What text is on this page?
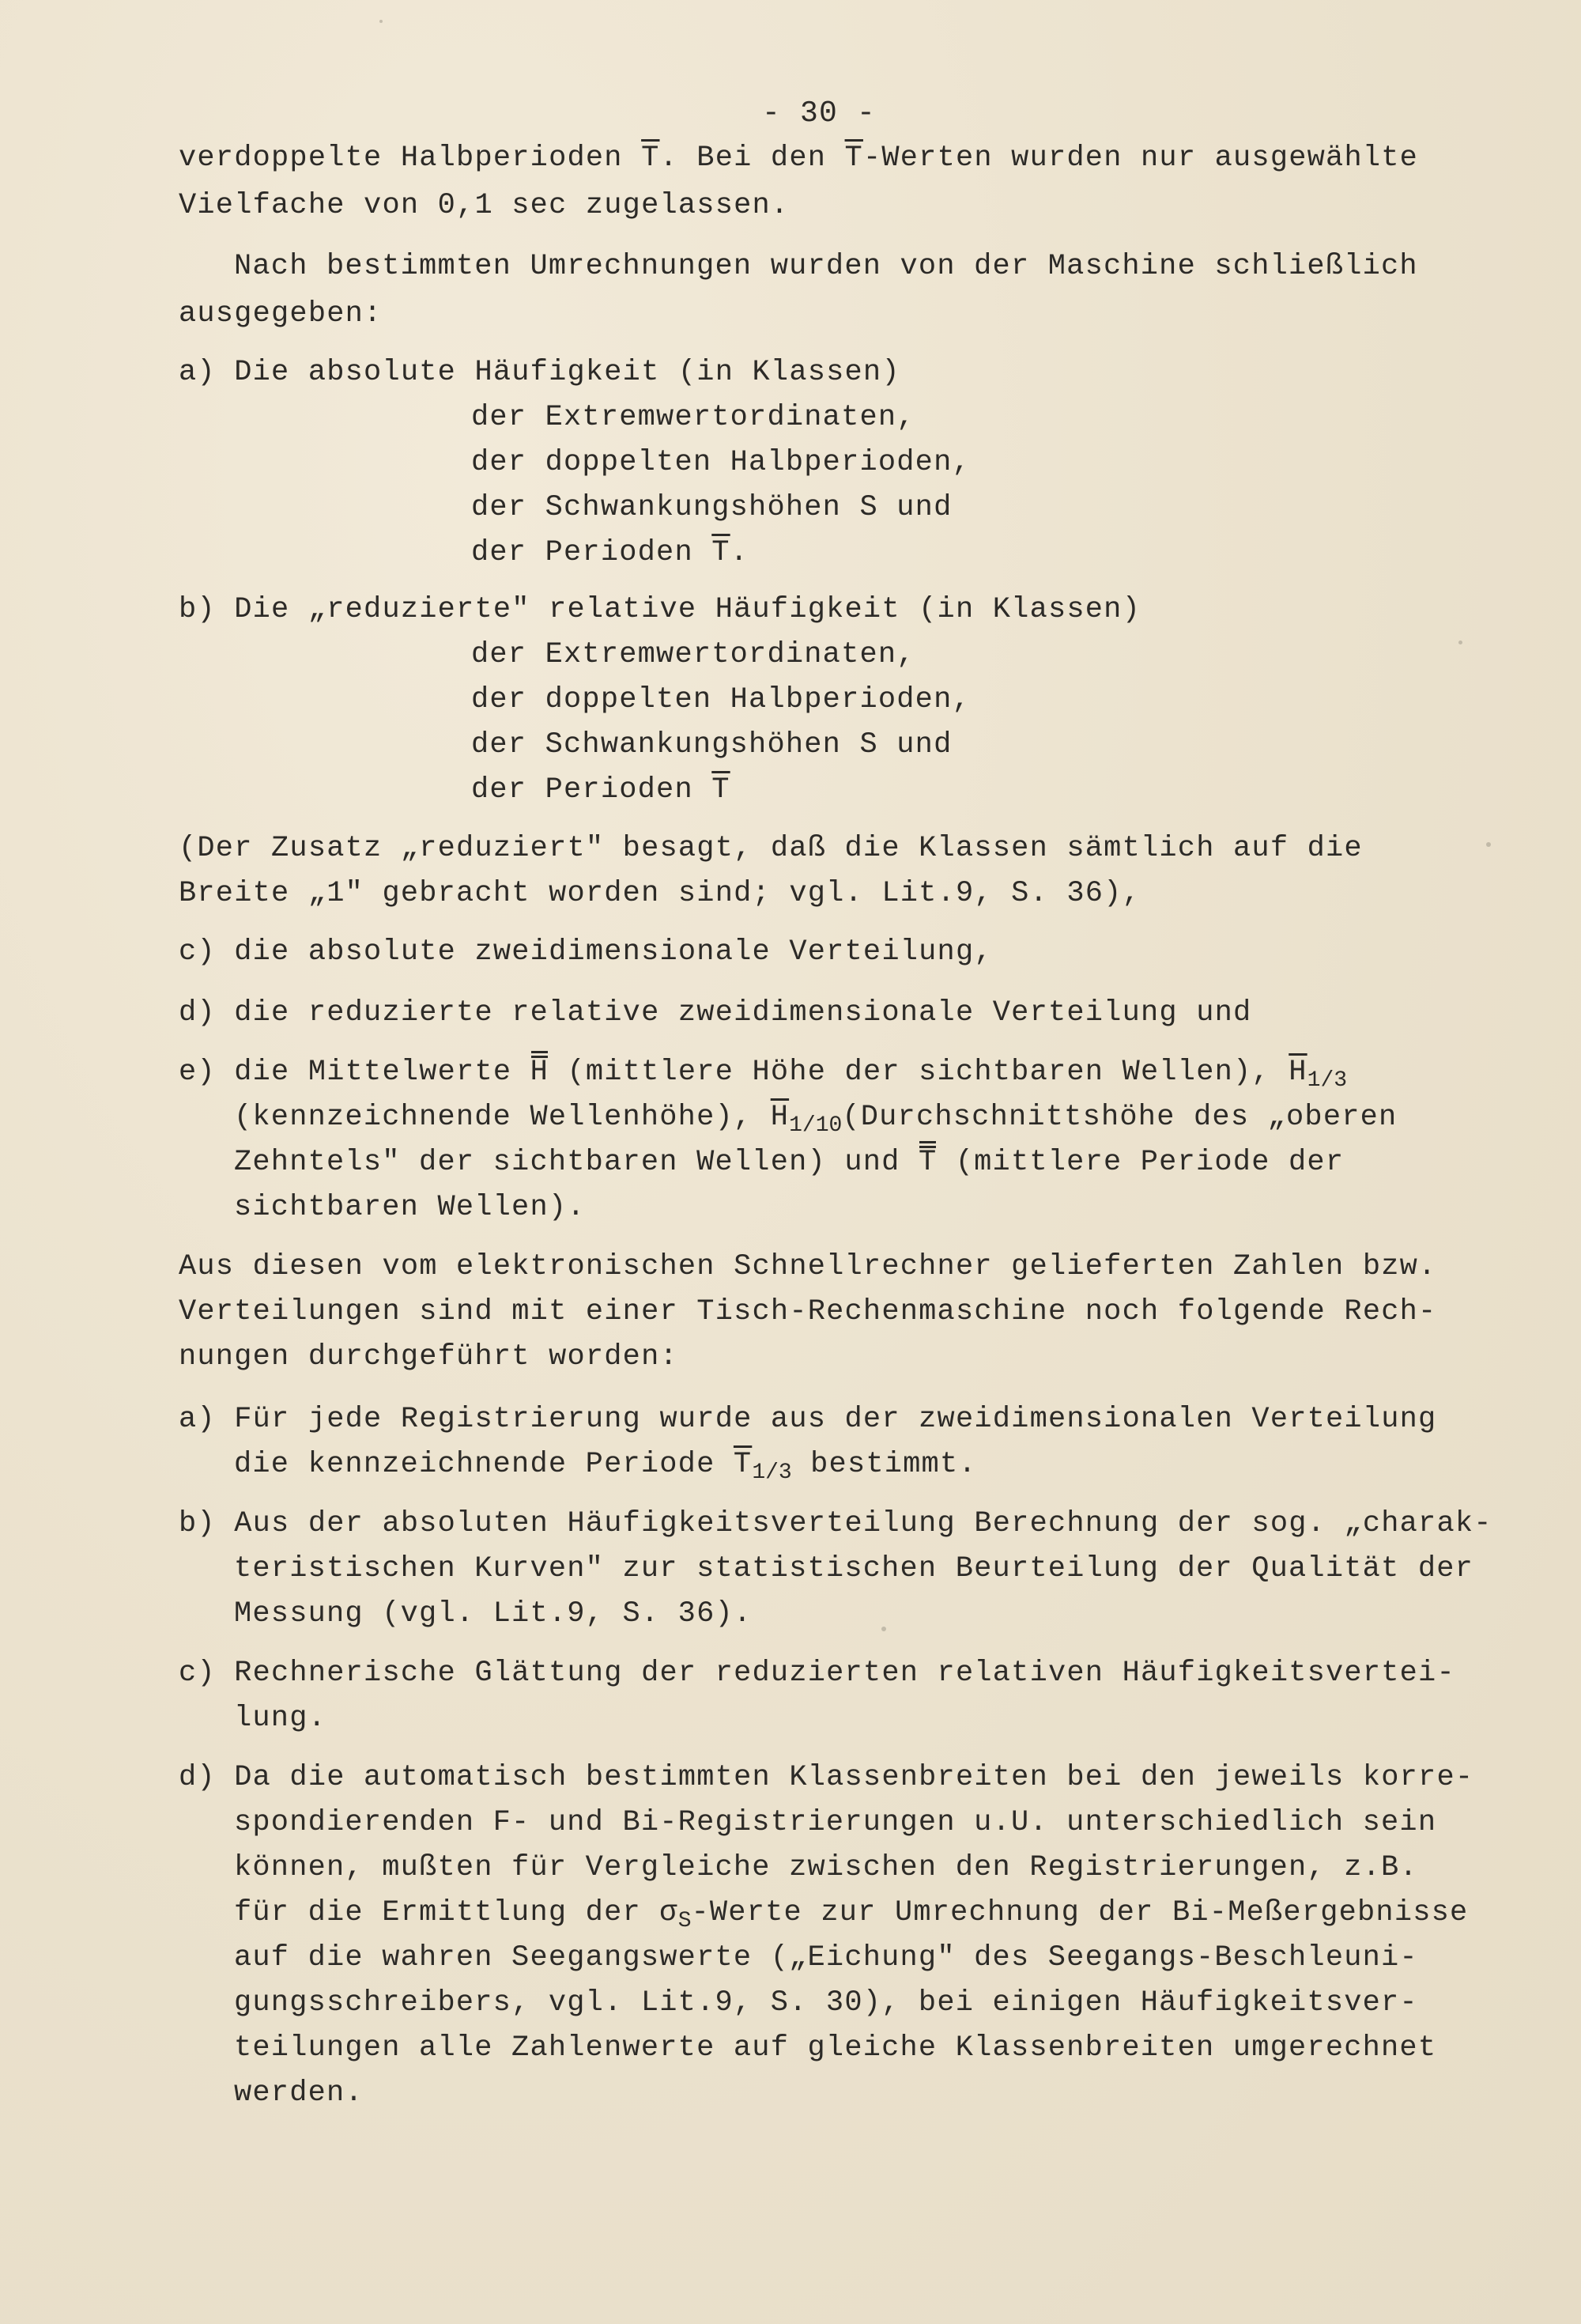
- 30 -
verdoppelte Halbperioden $\overline{T}$. Bei den $\overline{T}$-Werten wurden nur ausgewählte
Vielfache von 0,1 sec zugelassen.
Nach bestimmten Umrechnungen wurden von der Maschine schließlich
ausgegeben:
a) Die absolute Häufigkeit (in Klassen)
der Extremwertordinaten,
der doppelten Halbperioden,
der Schwankungshöhen S und
der Perioden $\overline{T}$.
b) Die „reduzierte" relative Häufigkeit (in Klassen)
der Extremwertordinaten,
der doppelten Halbperioden,
der Schwankungshöhen S und
der Perioden $\overline{T}$
(Der Zusatz „reduziert" besagt, daß die Klassen sämtlich auf die
Breite „1" gebracht worden sind; vgl. Lit.9, S. 36),
c) die absolute zweidimensionale Verteilung,
d) die reduzierte relative zweidimensionale Verteilung und
e) die Mittelwerte H (mittlere Höhe der sichtbaren Wellen), $\overline{H}_{1/3}$
(kennzeichnende Wellenhöhe), $\overline{H}_{1/10}(Durchschnittshöhe$ des „oberen
Zehntels" der sichtbaren Wellen) und T (mittlere Periode der
sichtbaren Wellen).
Aus diesen vom elektronischen Schnellrechner gelieferten Zahlen bzw.
Verteilungen sind mit einer Tisch-Rechenmaschine noch folgende Rech-
nungen durchgeführt worden:
a) Für jede Registrierung wurde aus der zweidimensionalen Verteilung
die kennzeichnende Periode $\overline{T}_{1/3}$ bestimmt.
b) Aus der absoluten Häufigkeitsverteilung Berechnung der sog. „charak-
teristischen Kurven" zur statistischen Beurteilung der Qualität der
Messung (vgl. Lit.9, S. 36).
c) Rechnerische Glättung der reduzierten relativen Häufigkeitsvertei-
lung.
d) Da die automatisch bestimmten Klassenbreiten bei den jeweils korre-
spondierenden F- und Bi-Registrierungen u.U. unterschiedlich sein
können, mußten für Vergleiche zwischen den Registrierungen, z.B.
für die Ermittlung der $\sigma_S$-Werte zur Umrechnung der Bi-Meßergebnisse
auf die wahren Seegangswerte („Eichung" des Seegangs-Beschleuni-
gungsschreibers, vgl. Lit.9, S. 30), bei einigen Häufigkeitsver-
teilungen alle Zahlenwerte auf gleiche Klassenbreiten umgerechnet
werden.
